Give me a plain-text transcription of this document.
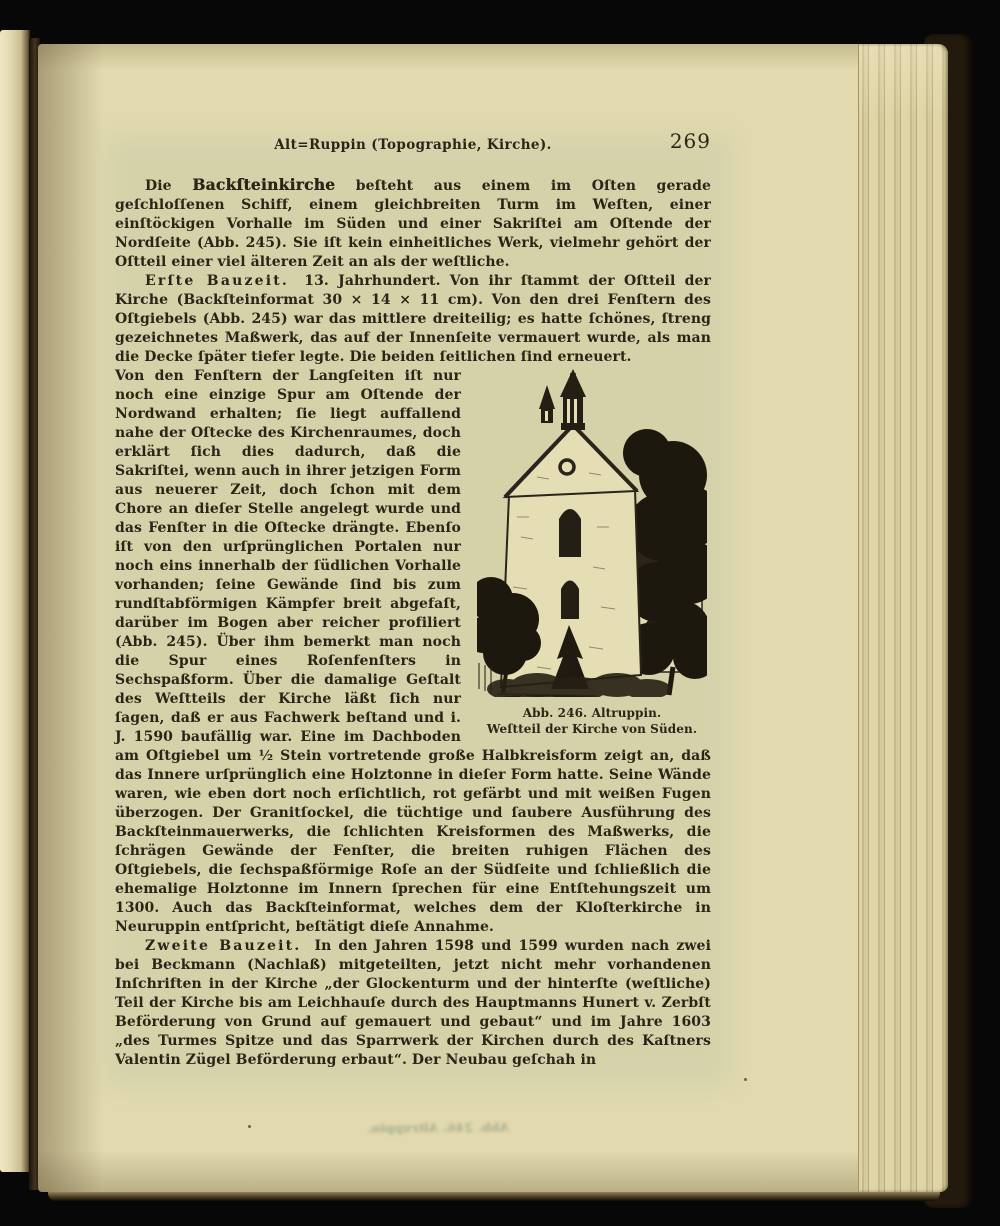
Alt=Ruppin (Topographie, Kirche).	269

Die Backſteinkirche beſteht aus einem im Oſten gerade geſchloſſenen Schiff, einem gleichbreiten Turm im Weſten, einer einſtöckigen Vorhalle im Süden und einer Sakriſtei am Oſtende der Nordſeite (Abb. 245). Sie iſt kein einheitliches Werk, vielmehr gehört der Oſtteil einer viel älteren Zeit an als der weſtliche.

Erſte Bauzeit. 13. Jahrhundert. Von ihr ſtammt der Oſtteil der Kirche (Backſteinformat 30 × 14 × 11 cm). Von den drei Fenſtern des Oſtgiebels (Abb. 245) war das mittlere dreiteilig; es hatte ſchönes, ſtreng gezeichnetes Maßwerk, das auf der Innenſeite vermauert wurde, als man die Decke ſpäter tiefer legte. Die beiden ſeitlichen ſind erneuert.

Abb. 246. Altruppin.
Weſtteil der Kirche von Süden.

Von den Fenſtern der Langſeiten iſt nur noch eine einzige Spur am Oſtende der Nordwand erhalten; ſie liegt auffallend nahe der Oſtecke des Kirchenraumes, doch erklärt ſich dies dadurch, daß die Sakriſtei, wenn auch in ihrer jetzigen Form aus neuerer Zeit, doch ſchon mit dem Chore an dieſer Stelle angelegt wurde und das Fenſter in die Oſtecke drängte. Ebenſo iſt von den urſprünglichen Portalen nur noch eins innerhalb der ſüdlichen Vorhalle vorhanden; ſeine Gewände ſind bis zum rundſtabförmigen Kämpfer breit abgefaſt, darüber im Bogen aber reicher profiliert (Abb. 245). Über ihm bemerkt man noch die Spur eines Roſenfenſters in Sechspaßform. Über die damalige Geſtalt des Weſtteils der Kirche läßt ſich nur ſagen, daß er aus Fachwerk beſtand und i. J. 1590 baufällig war. Eine im Dachboden am Oſtgiebel um ½ Stein vortretende große Halbkreisform zeigt an, daß das Innere urſprünglich eine Holztonne in dieſer Form hatte. Seine Wände waren, wie eben dort noch erſichtlich, rot gefärbt und mit weißen Fugen überzogen. Der Granitſockel, die tüchtige und ſaubere Ausführung des Backſteinmauerwerks, die ſchlichten Kreisformen des Maßwerks, die ſchrägen Gewände der Fenſter, die breiten ruhigen Flächen des Oſtgiebels, die ſechspaßförmige Roſe an der Südſeite und ſchließlich die ehemalige Holztonne im Innern ſprechen für eine Entſtehungszeit um 1300. Auch das Backſteinformat, welches dem der Kloſterkirche in Neuruppin entſpricht, beſtätigt dieſe Annahme.

Zweite Bauzeit. In den Jahren 1598 und 1599 wurden nach zwei bei Beckmann (Nachlaß) mitgeteilten, jetzt nicht mehr vorhandenen Inſchriften in der Kirche „der Glockenturm und der hinterſte (weſtliche) Teil der Kirche bis am Leichhauſe durch des Hauptmanns Hunert v. Zerbſt Beförderung von Grund auf gemauert und gebaut“ und im Jahre 1603 „des Turmes Spitze und das Sparrwerk der Kirchen durch des Kaſtners Valentin Zügel Beförderung erbaut“. Der Neubau geſchah in

Abb. 246. Altruppin.
